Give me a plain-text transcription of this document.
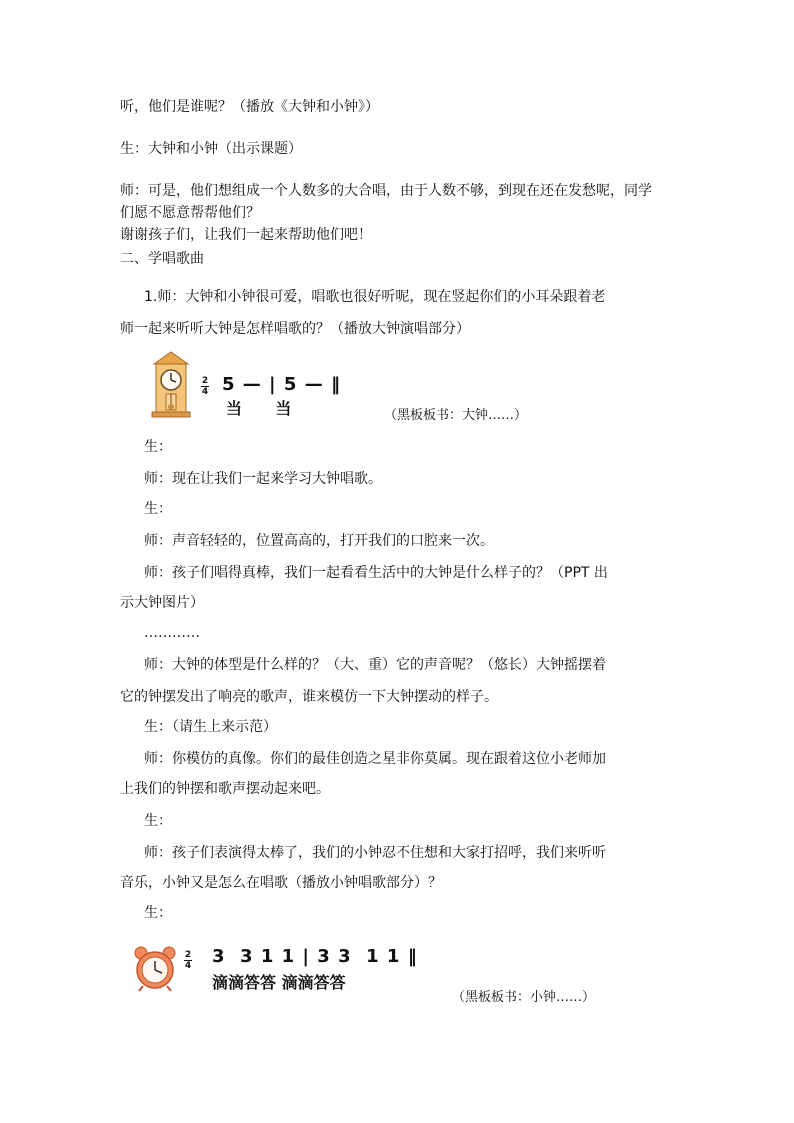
听，他们是谁呢？（播放《大钟和小钟》）
生：大钟和小钟（出示课题）
师：可是，他们想组成一个人数多的大合唱，由于人数不够，到现在还在发愁呢，同学
们愿不愿意帮帮他们？
谢谢孩子们，让我们一起来帮助他们吧！
二、学唱歌曲
1.师：大钟和小钟很可爱，唱歌也很好听呢，现在竖起你们的小耳朵跟着老
师一起来听听大钟是怎样唱歌的？（播放大钟演唱部分）
$\frac{2}{4} 5$ — | 5 — ‖
当      当	（黑板板书：大钟……）
生：
师：现在让我们一起来学习大钟唱歌。
生：
师：声音轻轻的，位置高高的，打开我们的口腔来一次。
师：孩子们唱得真棒，我们一起看看生活中的大钟是什么样子的？（PPT 出
示大钟图片）
…………
师：大钟的体型是什么样的？（大、重）它的声音呢？（悠长）大钟摇摆着
它的钟摆发出了响亮的歌声，谁来模仿一下大钟摆动的样子。
生：（请生上来示范）
师：你模仿的真像。你们的最佳创造之星非你莫属。现在跟着这位小老师加
上我们的钟摆和歌声摆动起来吧。
生：
师：孩子们表演得太棒了，我们的小钟忍不住想和大家打招呼，我们来听听
音乐，小钟又是怎么在唱歌（播放小钟唱歌部分）？
生：
$\frac{2}{4} 3$  3 1 1 | 3 3  1 1 ‖
滴滴答答 滴滴答答
（黑板板书：小钟……）
